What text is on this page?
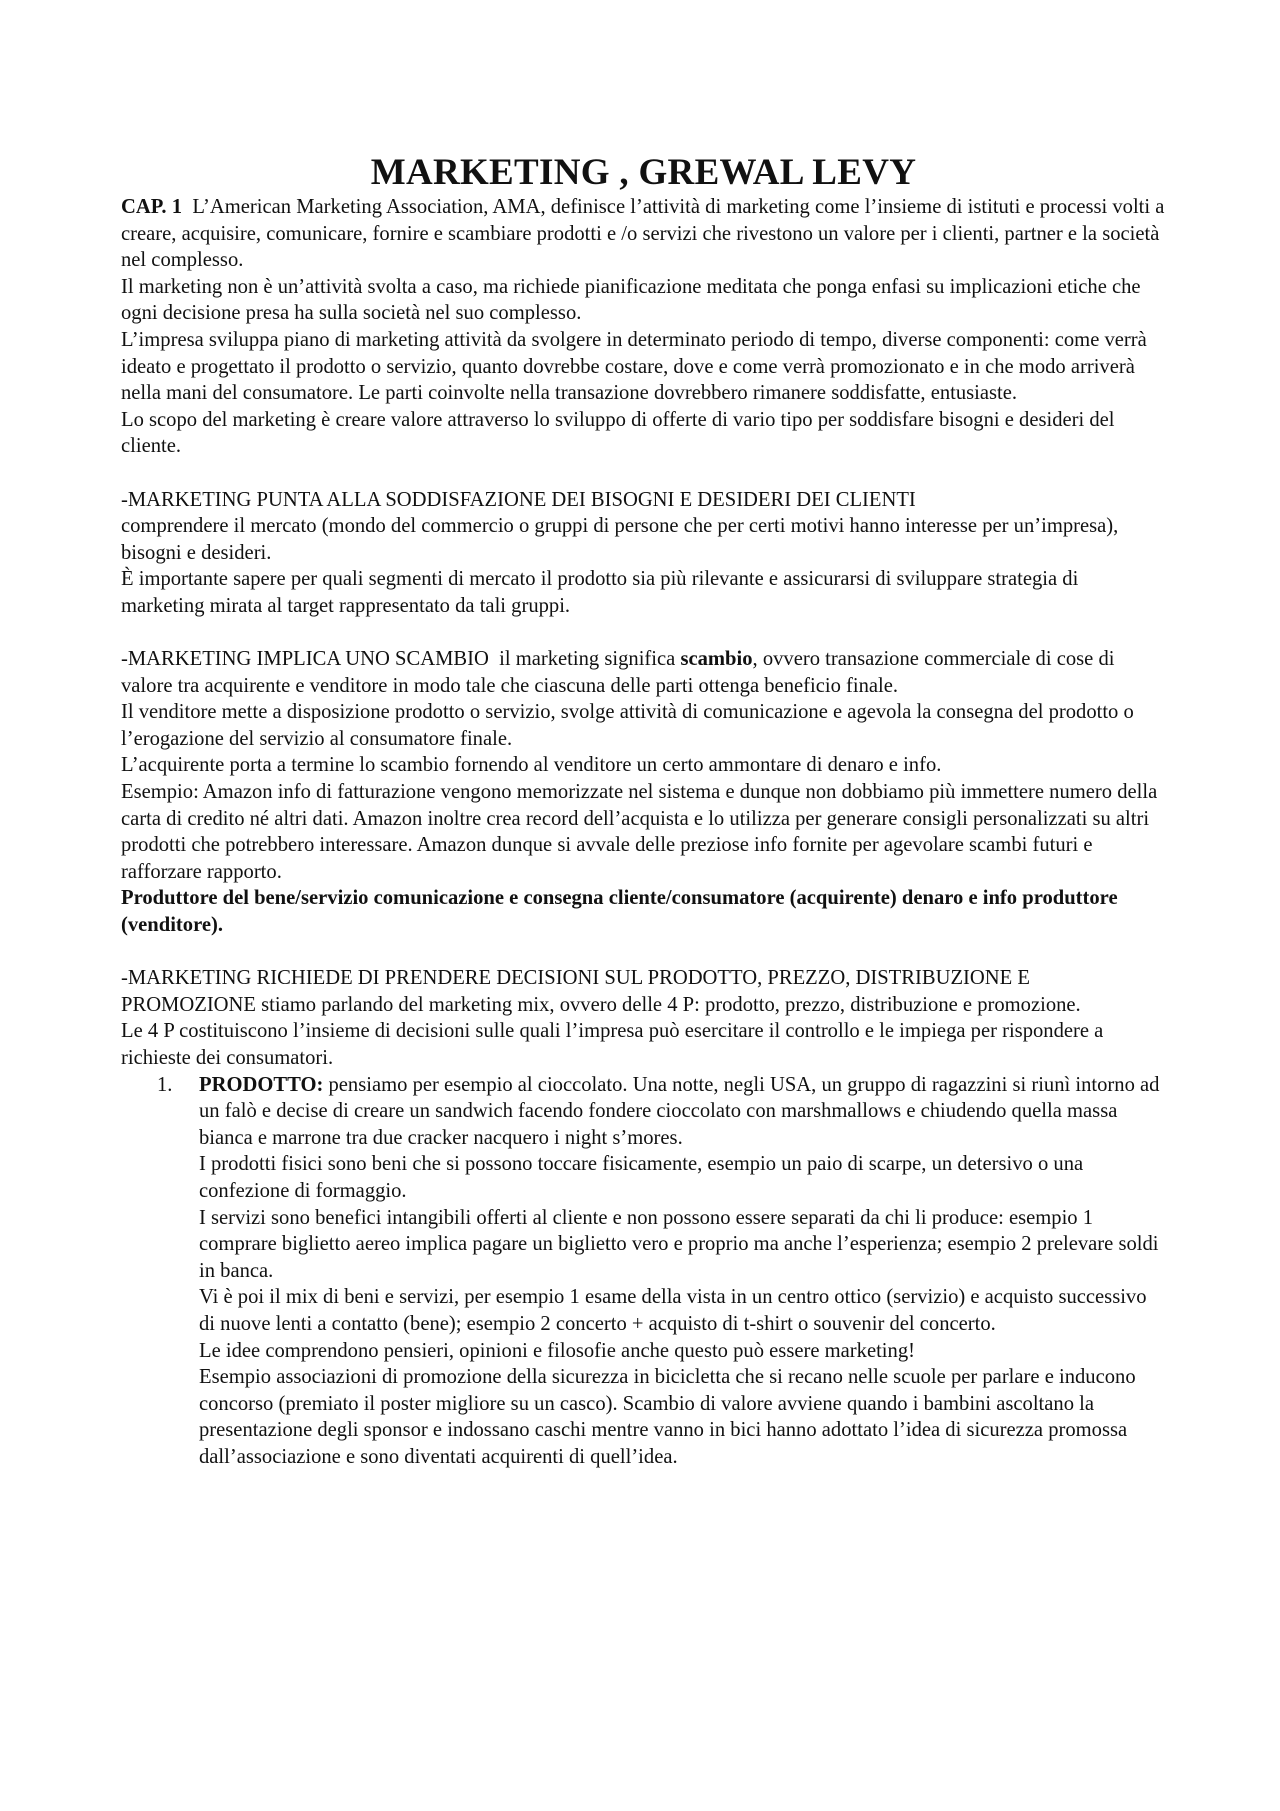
MARKETING , GREWAL LEVY

CAP. 1 L’American Marketing Association, AMA, definisce l’attività di marketing come l’insieme di istituti e processi volti a creare, acquisire, comunicare, fornire e scambiare prodotti e /o servizi che rivestono un valore per i clienti, partner e la società nel complesso.

Il marketing non è un’attività svolta a caso, ma richiede pianificazione meditata che ponga enfasi su implicazioni etiche che ogni decisione presa ha sulla società nel suo complesso.

L’impresa sviluppa piano di marketing attività da svolgere in determinato periodo di tempo, diverse componenti: come verrà ideato e progettato il prodotto o servizio, quanto dovrebbe costare, dove e come verrà promozionato e in che modo arriverà nella mani del consumatore. Le parti coinvolte nella transazione dovrebbero rimanere soddisfatte, entusiaste.

Lo scopo del marketing è creare valore attraverso lo sviluppo di offerte di vario tipo per soddisfare bisogni e desideri del cliente.

-MARKETING PUNTA ALLA SODDISFAZIONE DEI BISOGNI E DESIDERI DEI CLIENTI

comprendere il mercato (mondo del commercio o gruppi di persone che per certi motivi hanno interesse per un’impresa), bisogni e desideri.

È importante sapere per quali segmenti di mercato il prodotto sia più rilevante e assicurarsi di sviluppare strategia di marketing mirata al target rappresentato da tali gruppi.

-MARKETING IMPLICA UNO SCAMBIO  il marketing significa scambio, ovvero transazione commerciale di cose di valore tra acquirente e venditore in modo tale che ciascuna delle parti ottenga beneficio finale.

Il venditore mette a disposizione prodotto o servizio, svolge attività di comunicazione e agevola la consegna del prodotto o l’erogazione del servizio al consumatore finale.

L’acquirente porta a termine lo scambio fornendo al venditore un certo ammontare di denaro e info.

Esempio: Amazon info di fatturazione vengono memorizzate nel sistema e dunque non dobbiamo più immettere numero della carta di credito né altri dati. Amazon inoltre crea record dell’acquista e lo utilizza per generare consigli personalizzati su altri prodotti che potrebbero interessare. Amazon dunque si avvale delle preziose info fornite per agevolare scambi futuri e rafforzare rapporto.

Produttore del bene/servizio comunicazione e consegna cliente/consumatore (acquirente) denaro e info produttore (venditore).

-MARKETING RICHIEDE DI PRENDERE DECISIONI SUL PRODOTTO, PREZZO, DISTRIBUZIONE E PROMOZIONE stiamo parlando del marketing mix, ovvero delle 4 P: prodotto, prezzo, distribuzione e promozione.

Le 4 P costituiscono l’insieme di decisioni sulle quali l’impresa può esercitare il controllo e le impiega per rispondere a richieste dei consumatori.

1. PRODOTTO: pensiamo per esempio al cioccolato. Una notte, negli USA, un gruppo di ragazzini si riunì intorno ad un falò e decise di creare un sandwich facendo fondere cioccolato con marshmallows e chiudendo quella massa bianca e marrone tra due cracker nacquero i night s’mores.

I prodotti fisici sono beni che si possono toccare fisicamente, esempio un paio di scarpe, un detersivo o una confezione di formaggio.

I servizi sono benefici intangibili offerti al cliente e non possono essere separati da chi li produce: esempio 1 comprare biglietto aereo implica pagare un biglietto vero e proprio ma anche l’esperienza; esempio 2 prelevare soldi in banca.

Vi è poi il mix di beni e servizi, per esempio 1 esame della vista in un centro ottico (servizio) e acquisto successivo di nuove lenti a contatto (bene); esempio 2 concerto + acquisto di t-shirt o souvenir del concerto.

Le idee comprendono pensieri, opinioni e filosofie anche questo può essere marketing!

Esempio associazioni di promozione della sicurezza in bicicletta che si recano nelle scuole per parlare e inducono concorso (premiato il poster migliore su un casco). Scambio di valore avviene quando i bambini ascoltano la presentazione degli sponsor e indossano caschi mentre vanno in bici hanno adottato l’idea di sicurezza promossa dall’associazione e sono diventati acquirenti di quell’idea.
